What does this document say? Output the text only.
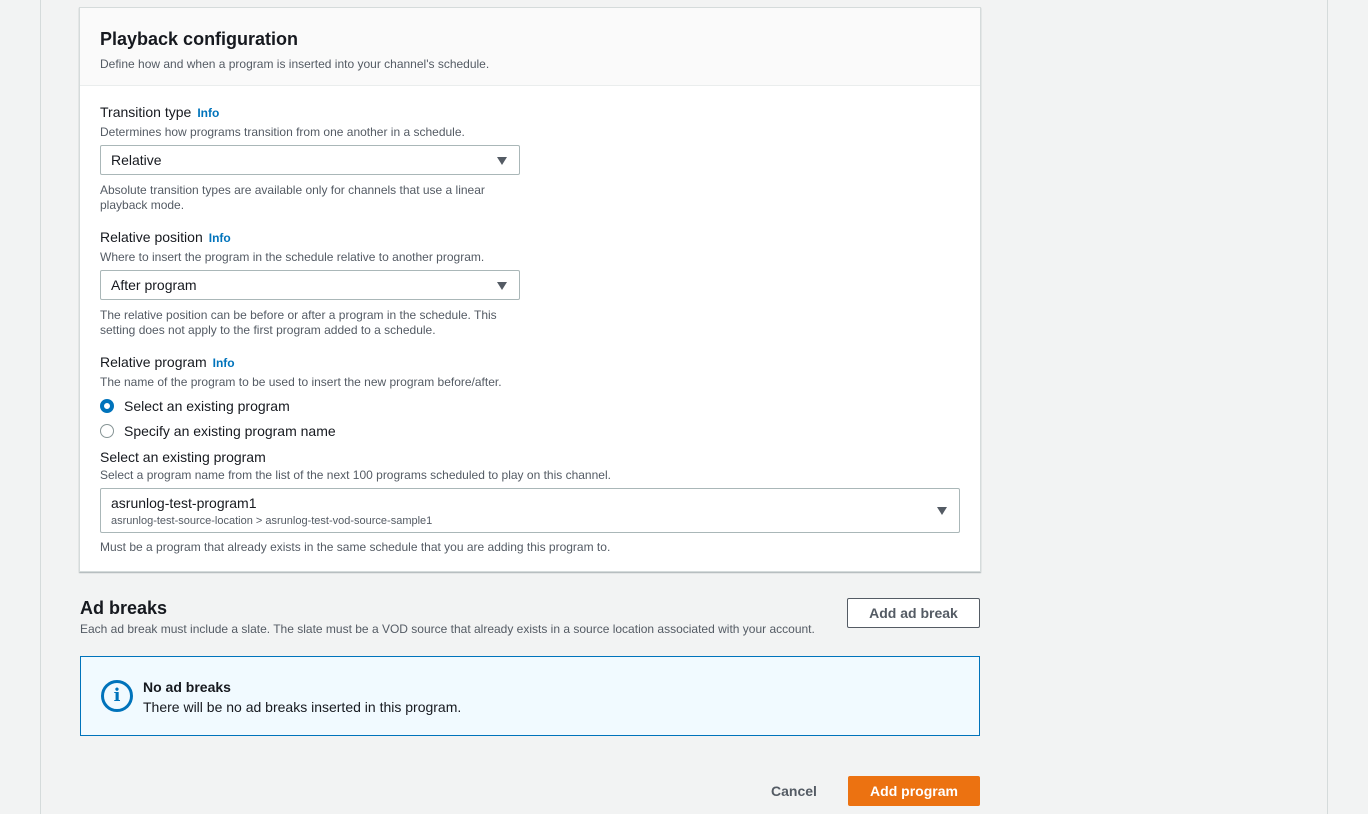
Playback configuration
Define how and when a program is inserted into your channel's schedule.
Transition type Info
Determines how programs transition from one another in a schedule.
Relative
Absolute transition types are available only for channels that use a linear playback mode.
Relative position Info
Where to insert the program in the schedule relative to another program.
After program
The relative position can be before or after a program in the schedule. This setting does not apply to the first program added to a schedule.
Relative program Info
The name of the program to be used to insert the new program before/after.
Select an existing program
Specify an existing program name
Select an existing program
Select a program name from the list of the next 100 programs scheduled to play on this channel.
asrunlog-test-program1
asrunlog-test-source-location > asrunlog-test-vod-source-sample1
Must be a program that already exists in the same schedule that you are adding this program to.
Ad breaks
Each ad break must include a slate. The slate must be a VOD source that already exists in a source location associated with your account.
Add ad break
i	No ad breaks
There will be no ad breaks inserted in this program.
Cancel	Add program
